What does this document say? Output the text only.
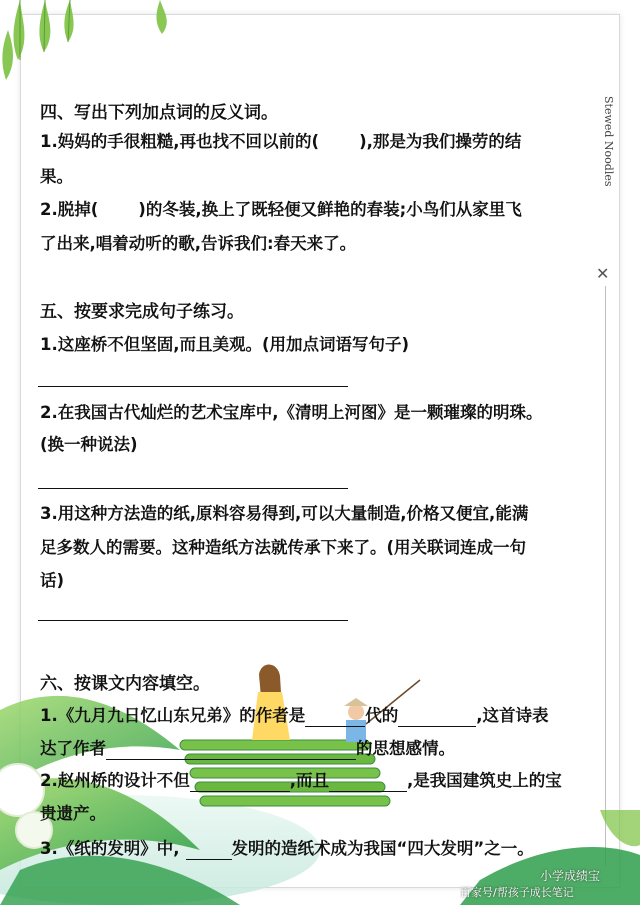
Stewed Noodles
✕
四、写出下列加点词的反义词。
1.妈妈的手很粗糙,再也找不回以前的( ),那是为我们操劳的结
果。
2.脱掉( )的冬装,换上了既轻便又鲜艳的春装;小鸟们从家里飞
了出来,唱着动听的歌,告诉我们:春天来了。
五、按要求完成句子练习。
1.这座桥不但坚固,而且美观。(用加点词语写句子)
2.在我国古代灿烂的艺术宝库中,《清明上河图》是一颗璀璨的明珠。
(换一种说法)
3.用这种方法造的纸,原料容易得到,可以大量制造,价格又便宜,能满
足多数人的需要。这种造纸方法就传承下来了。(用关联词连成一句
话)
六、按课文内容填空。
1.《九月九日忆山东兄弟》的作者是	代的	,这首诗表
达了作者	的思想感情。
2.赵州桥的设计不但	,而且	,是我国建筑史上的宝
贵遗产。
3.《纸的发明》中,	发明的造纸术成为我国“四大发明”之一。
小学成绩宝
百家号/帮孩子成长笔记
